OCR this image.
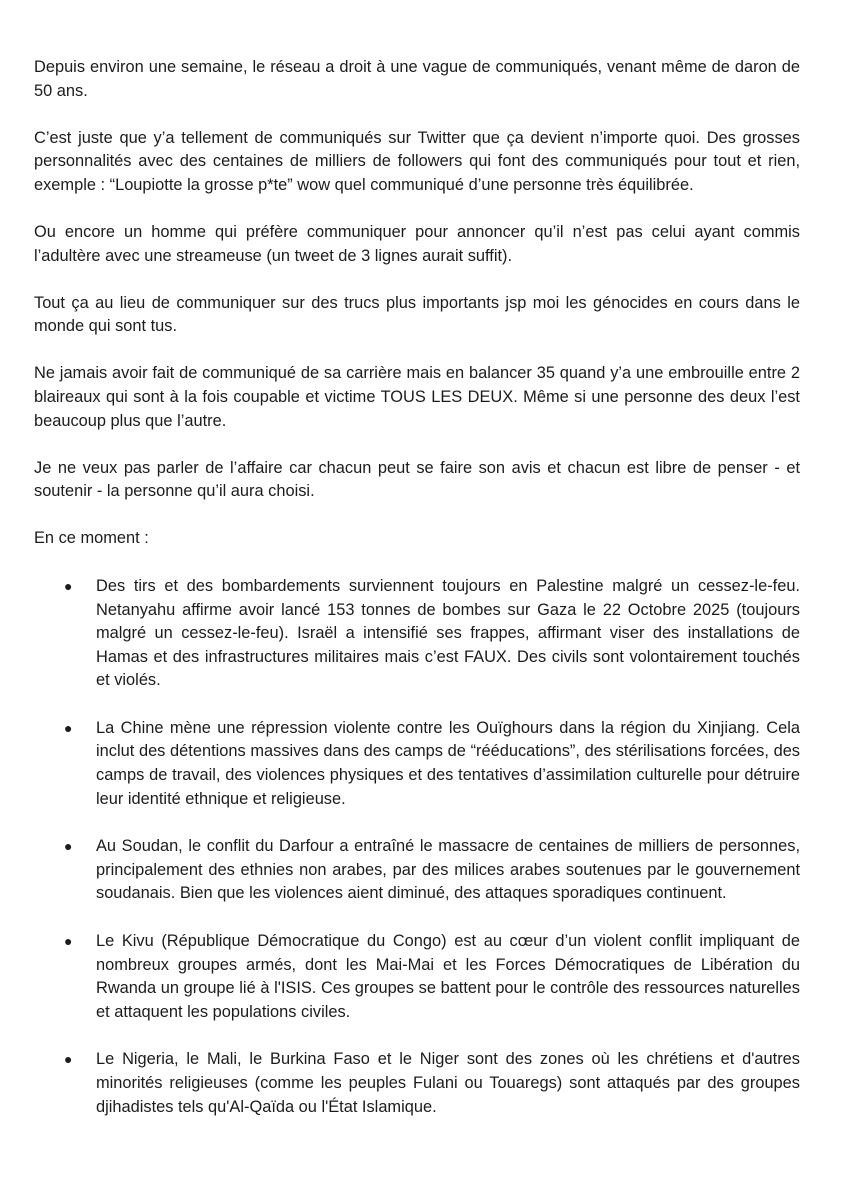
Depuis environ une semaine, le réseau a droit à une vague de communiqués, venant même de daron de 50 ans.

C’est juste que y’a tellement de communiqués sur Twitter que ça devient n’importe quoi. Des grosses personnalités avec des centaines de milliers de followers qui font des communiqués pour tout et rien, exemple : “Loupiotte la grosse p*te” wow quel communiqué d’une personne très équilibrée.

Ou encore un homme qui préfère communiquer pour annoncer qu’il n’est pas celui ayant commis l’adultère avec une streameuse (un tweet de 3 lignes aurait suffit).

Tout ça au lieu de communiquer sur des trucs plus importants jsp moi les génocides en cours dans le monde qui sont tus.

Ne jamais avoir fait de communiqué de sa carrière mais en balancer 35 quand y’a une embrouille entre 2 blaireaux qui sont à la fois coupable et victime TOUS LES DEUX. Même si une personne des deux l’est beaucoup plus que l’autre.

Je ne veux pas parler de l’affaire car chacun peut se faire son avis et chacun est libre de penser - et soutenir - la personne qu’il aura choisi.

En ce moment :

● Des tirs et des bombardements surviennent toujours en Palestine malgré un cessez-le-feu. Netanyahu affirme avoir lancé 153 tonnes de bombes sur Gaza le 22 Octobre 2025 (toujours malgré un cessez-le-feu). Israël a intensifié ses frappes, affirmant viser des installations de Hamas et des infrastructures militaires mais c’est FAUX. Des civils sont volontairement touchés et violés.
● La Chine mène une répression violente contre les Ouïghours dans la région du Xinjiang. Cela inclut des détentions massives dans des camps de “rééducations”, des stérilisations forcées, des camps de travail, des violences physiques et des tentatives d’assimilation culturelle pour détruire leur identité ethnique et religieuse.
● Au Soudan, le conflit du Darfour a entraîné le massacre de centaines de milliers de personnes, principalement des ethnies non arabes, par des milices arabes soutenues par le gouvernement soudanais. Bien que les violences aient diminué, des attaques sporadiques continuent.
● Le Kivu (République Démocratique du Congo) est au cœur d’un violent conflit impliquant de nombreux groupes armés, dont les Mai-Mai et les Forces Démocratiques de Libération du Rwanda un groupe lié à l'ISIS. Ces groupes se battent pour le contrôle des ressources naturelles et attaquent les populations civiles.
● Le Nigeria, le Mali, le Burkina Faso et le Niger sont des zones où les chrétiens et d'autres minorités religieuses (comme les peuples Fulani ou Touaregs) sont attaqués par des groupes djihadistes tels qu'Al-Qaïda ou l'État Islamique.
